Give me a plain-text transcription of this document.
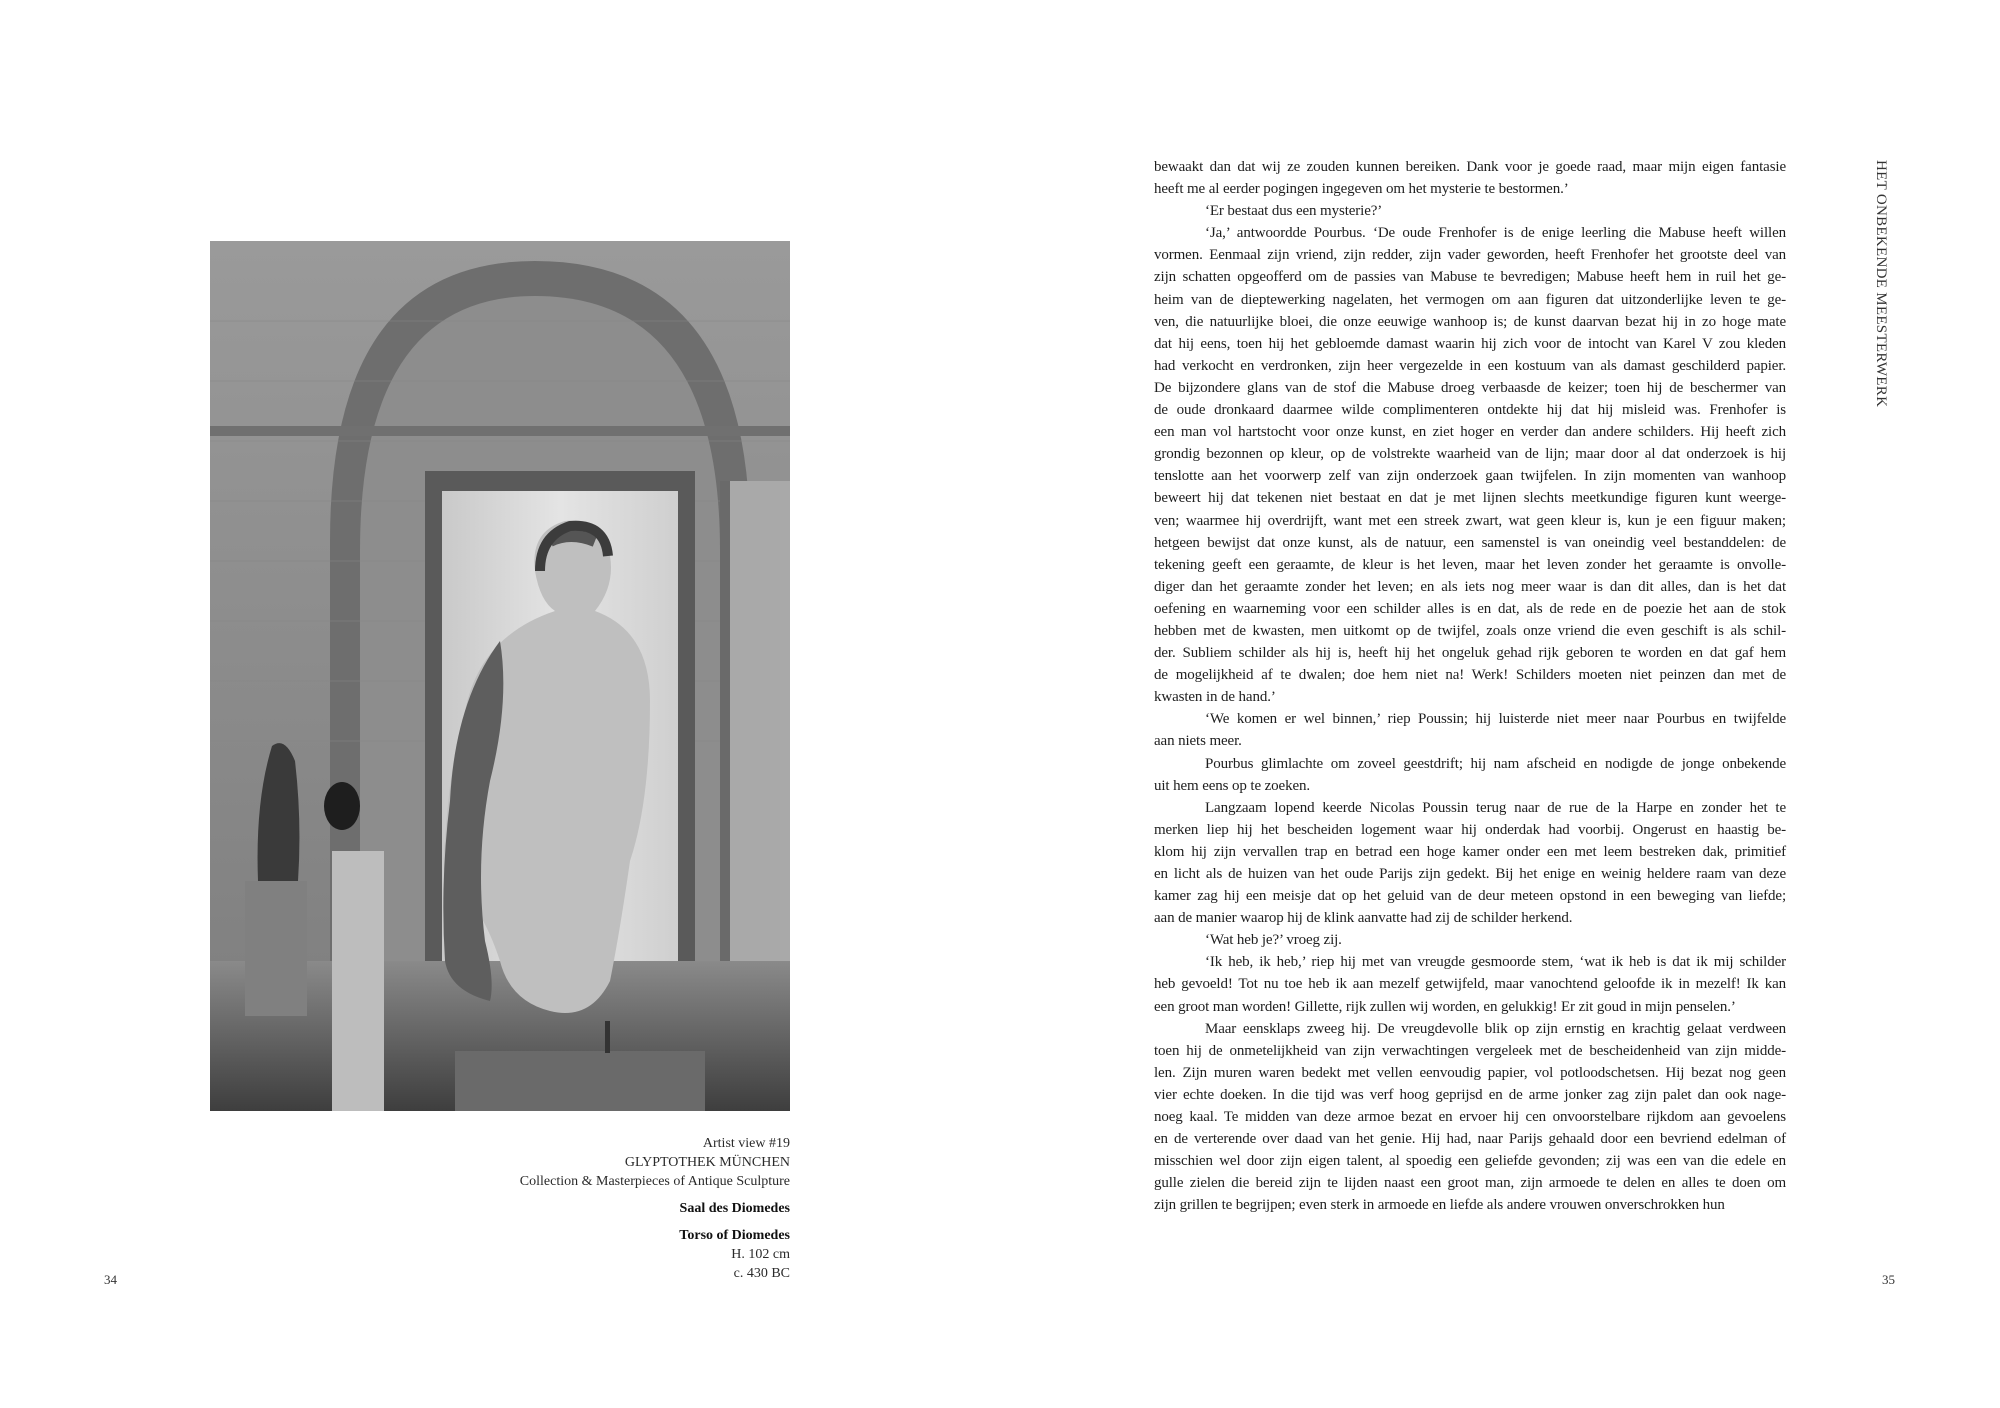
Artist view #19
GLYPTOTHEK MÜNCHEN
Collection & Masterpieces of Antique Sculpture
Saal des Diomedes
Torso of Diomedes
H. 102 cm
c. 430 BC
34
HET ONBEKENDE MEESTERWERK
bewaakt dan dat wij ze zouden kunnen bereiken. Dank voor je goede raad, maar mijn eigen fantasie
heeft me al eerder pogingen ingegeven om het mysterie te bestormen.’
‘Er bestaat dus een mysterie?’
‘Ja,’ antwoordde Pourbus. ‘De oude Frenhofer is de enige leerling die Mabuse heeft willen
vormen. Eenmaal zijn vriend, zijn redder, zijn vader geworden, heeft Frenhofer het grootste deel van
zijn schatten opgeofferd om de passies van Mabuse te bevredigen; Mabuse heeft hem in ruil het ge-
heim van de dieptewerking nagelaten, het vermogen om aan figuren dat uitzonderlijke leven te ge-
ven, die natuurlijke bloei, die onze eeuwige wanhoop is; de kunst daarvan bezat hij in zo hoge mate
dat hij eens, toen hij het gebloemde damast waarin hij zich voor de intocht van Karel V zou kleden
had verkocht en verdronken, zijn heer vergezelde in een kostuum van als damast geschilderd papier.
De bijzondere glans van de stof die Mabuse droeg verbaasde de keizer; toen hij de beschermer van
de oude dronkaard daarmee wilde complimenteren ontdekte hij dat hij misleid was. Frenhofer is
een man vol hartstocht voor onze kunst, en ziet hoger en verder dan andere schilders. Hij heeft zich
grondig bezonnen op kleur, op de volstrekte waarheid van de lijn; maar door al dat onderzoek is hij
tenslotte aan het voorwerp zelf van zijn onderzoek gaan twijfelen. In zijn momenten van wanhoop
beweert hij dat tekenen niet bestaat en dat je met lijnen slechts meetkundige figuren kunt weerge-
ven; waarmee hij overdrijft, want met een streek zwart, wat geen kleur is, kun je een figuur maken;
hetgeen bewijst dat onze kunst, als de natuur, een samenstel is van oneindig veel bestanddelen: de
tekening geeft een geraamte, de kleur is het leven, maar het leven zonder het geraamte is onvolle-
diger dan het geraamte zonder het leven; en als iets nog meer waar is dan dit alles, dan is het dat
oefening en waarneming voor een schilder alles is en dat, als de rede en de poezie het aan de stok
hebben met de kwasten, men uitkomt op de twijfel, zoals onze vriend die even geschift is als schil-
der. Subliem schilder als hij is, heeft hij het ongeluk gehad rijk geboren te worden en dat gaf hem
de mogelijkheid af te dwalen; doe hem niet na! Werk! Schilders moeten niet peinzen dan met de
kwasten in de hand.’
‘We komen er wel binnen,’ riep Poussin; hij luisterde niet meer naar Pourbus en twijfelde
aan niets meer.
Pourbus glimlachte om zoveel geestdrift; hij nam afscheid en nodigde de jonge onbekende
uit hem eens op te zoeken.
Langzaam lopend keerde Nicolas Poussin terug naar de rue de la Harpe en zonder het te
merken liep hij het bescheiden logement waar hij onderdak had voorbij. Ongerust en haastig be-
klom hij zijn vervallen trap en betrad een hoge kamer onder een met leem bestreken dak, primitief
en licht als de huizen van het oude Parijs zijn gedekt. Bij het enige en weinig heldere raam van deze
kamer zag hij een meisje dat op het geluid van de deur meteen opstond in een beweging van liefde;
aan de manier waarop hij de klink aanvatte had zij de schilder herkend.
‘Wat heb je?’ vroeg zij.
‘Ik heb, ik heb,’ riep hij met van vreugde gesmoorde stem, ‘wat ik heb is dat ik mij schilder
heb gevoeld! Tot nu toe heb ik aan mezelf getwijfeld, maar vanochtend geloofde ik in mezelf! Ik kan
een groot man worden! Gillette, rijk zullen wij worden, en gelukkig! Er zit goud in mijn penselen.’
Maar eensklaps zweeg hij. De vreugdevolle blik op zijn ernstig en krachtig gelaat verdween
toen hij de onmetelijkheid van zijn verwachtingen vergeleek met de bescheidenheid van zijn midde-
len. Zijn muren waren bedekt met vellen eenvoudig papier, vol potloodschetsen. Hij bezat nog geen
vier echte doeken. In die tijd was verf hoog geprijsd en de arme jonker zag zijn palet dan ook nage-
noeg kaal. Te midden van deze armoe bezat en ervoer hij cen onvoorstelbare rijkdom aan gevoelens
en de verterende over daad van het genie. Hij had, naar Parijs gehaald door een bevriend edelman of
misschien wel door zijn eigen talent, al spoedig een geliefde gevonden; zij was een van die edele en
gulle zielen die bereid zijn te lijden naast een groot man, zijn armoede te delen en alles te doen om
zijn grillen te begrijpen; even sterk in armoede en liefde als andere vrouwen onverschrokken hun
35
